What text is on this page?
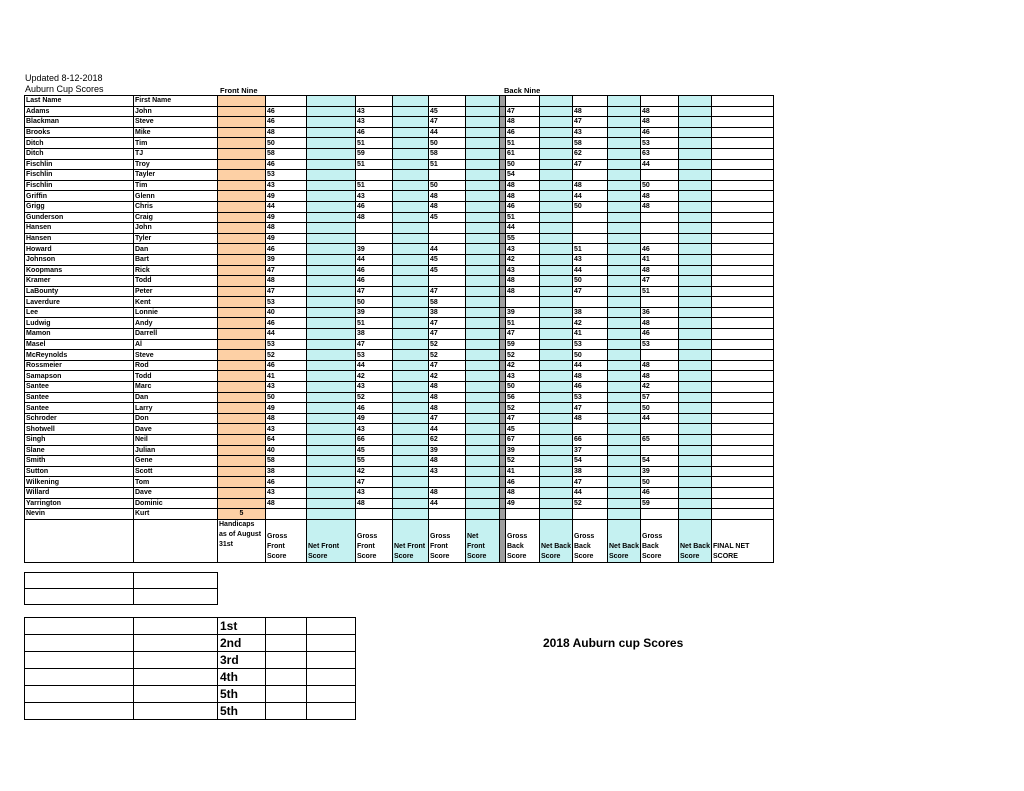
Updated 8-12-2018
Auburn Cup Scores	Front Nine	Back Nine
Last Name	First Name															
Adams	John		46		43		45			47		48		48		
Blackman	Steve		46		43		47			48		47		48		
Brooks	Mike		48		46		44			46		43		46		
Ditch	Tim		50		51		50			51		58		53		
Ditch	TJ		58		59		58			61		62		63		
Fischlin	Troy		46		51		51			50		47		44		
Fischlin	Tayler		53							54						
Fischlin	Tim		43		51		50			48		48		50		
Griffin	Glenn		49		43		48			48		44		48		
Grigg	Chris		44		46		48			46		50		48		
Gunderson	Craig		49		48		45			51						
Hansen	John		48							44						
Hansen	Tyler		49							55						
Howard	Dan		46		39		44			43		51		46		
Johnson	Bart		39		44		45			42		43		41		
Koopmans	Rick		47		46		45			43		44		48		
Kramer	Todd		48		46					48		50		47		
LaBounty	Peter		47		47		47			48		47		51		
Laverdure	Kent		53		50		58									
Lee	Lonnie		40		39		38			39		38		36		
Ludwig	Andy		46		51		47			51		42		48		
Mamon	Darrell		44		38		47			47		41		46		
Masel	Al		53		47		52			59		53		53		
McReynolds	Steve		52		53		52			52		50				
Rossmeier	Rod		46		44		47			42		44		48		
Samapson	Todd		41		42		42			43		48		48		
Santee	Marc		43		43		48			50		46		42		
Santee	Dan		50		52		48			56		53		57		
Santee	Larry		49		46		48			52		47		50		
Schroder	Don		48		49		47			47		48		44		
Shotwell	Dave		43		43		44			45						
Singh	Neil		64		66		62			67		66		65		
Slane	Julian		40		45		39			39		37				
Smith	Gene		58		55		48			52		54		54		
Sutton	Scott		38		42		43			41		38		39		
Wilkening	Tom		46		47					46		47		50		
Willard	Dave		43		43		48			48		44		46		
Yarrington	Dominic		48		48		44			49		52		59		
Nevin	Kurt	5														
		Handicaps as of August 31st	Gross Front Score	Net Front Score	Gross Front Score	Net Front Score	Gross Front Score	Net Front Score		Gross Back Score	Net Back Score	Gross Back Score	Net Back Score	Gross Back Score	Net Back Score	FINAL NET SCORE

		1st		
		2nd		
		3rd		
		4th		
		5th		
		5th		
2018 Auburn cup Scores
